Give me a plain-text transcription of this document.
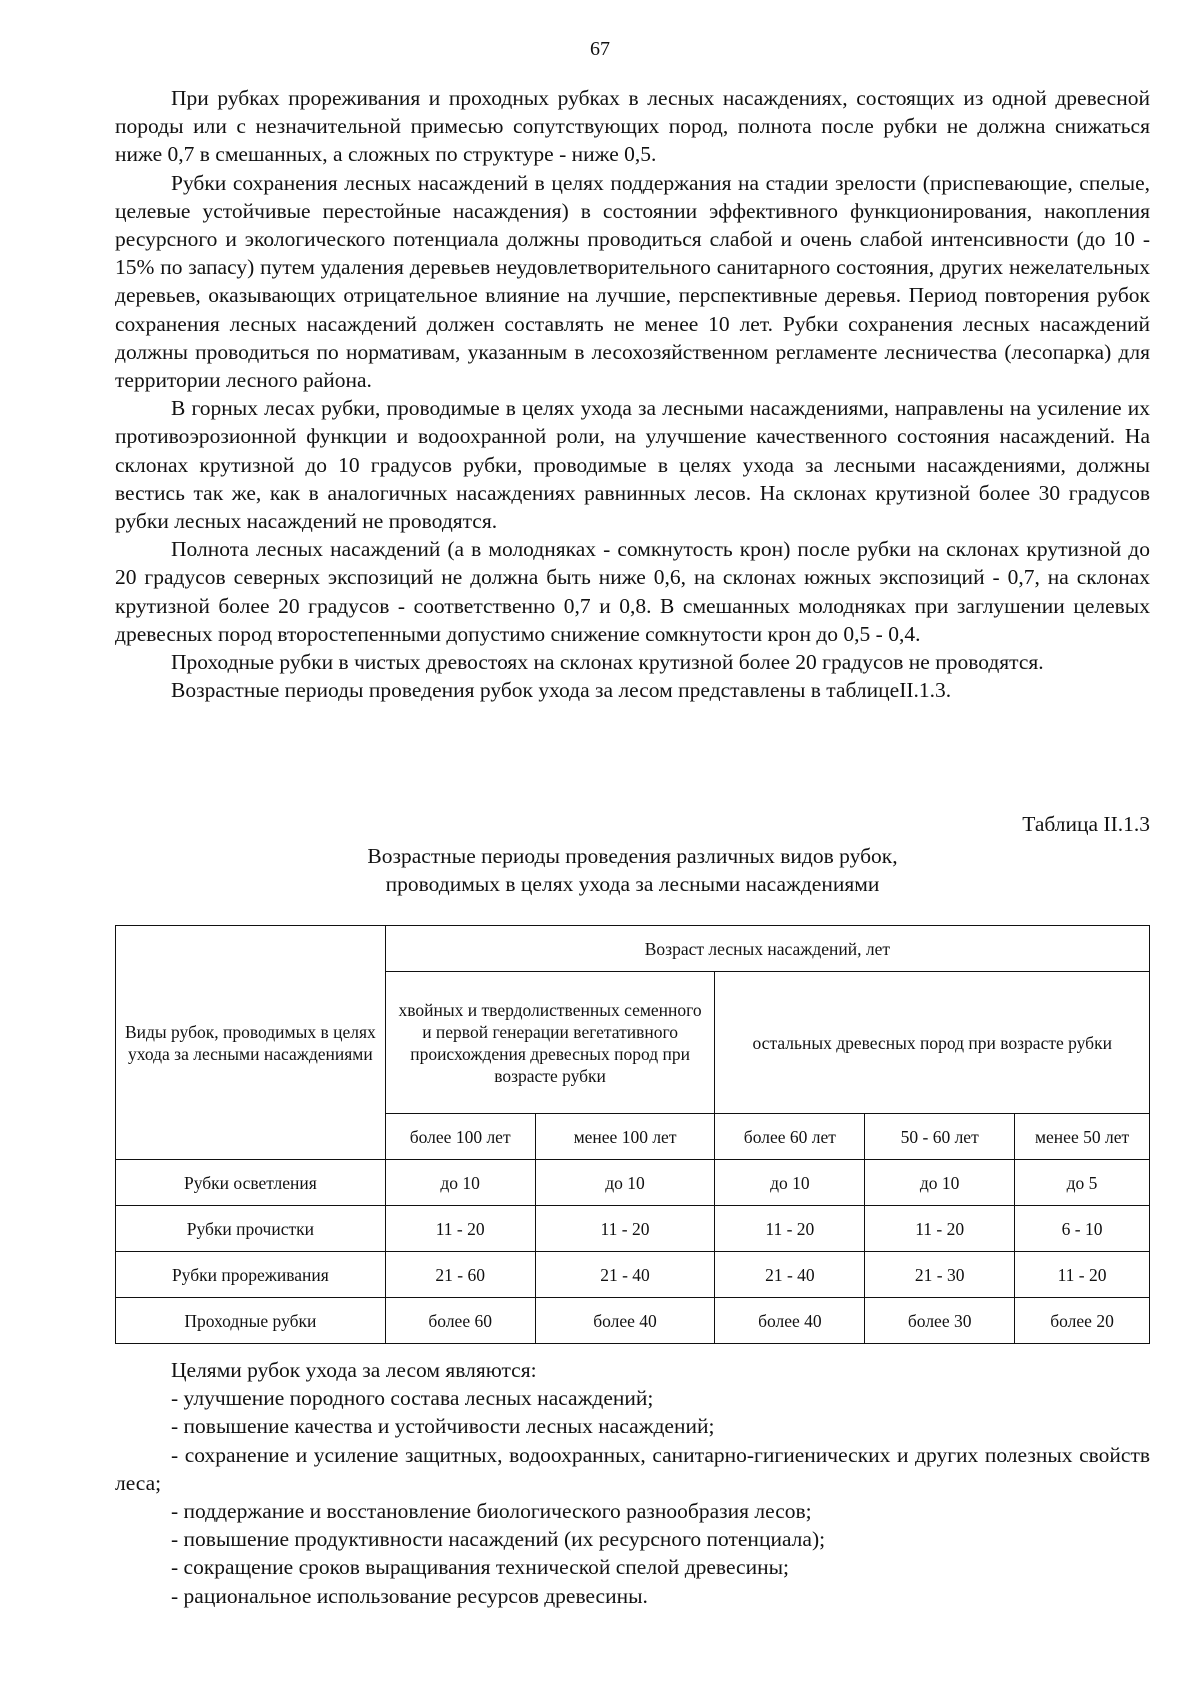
67

При рубках прореживания и проходных рубках в лесных насаждениях, состоящих из одной древесной породы или с незначительной примесью сопутствующих пород, полнота после рубки не должна снижаться ниже 0,7 в смешанных, а сложных по структуре - ниже 0,5.

Рубки сохранения лесных насаждений в целях поддержания на стадии зрелости (приспевающие, спелые, целевые устойчивые перестойные насаждения) в состоянии эффективного функционирования, накопления ресурсного и экологического потенциала должны проводиться слабой и очень слабой интенсивности (до 10 - 15% по запасу) путем удаления деревьев неудовлетворительного санитарного состояния, других нежелательных деревьев, оказывающих отрицательное влияние на лучшие, перспективные деревья. Период повторения рубок сохранения лесных насаждений должен составлять не менее 10 лет. Рубки сохранения лесных насаждений должны проводиться по нормативам, указанным в лесохозяйственном регламенте лесничества (лесопарка) для территории лесного района.

В горных лесах рубки, проводимые в целях ухода за лесными насаждениями, направлены на усиление их противоэрозионной функции и водоохранной роли, на улучшение качественного состояния насаждений. На склонах крутизной до 10 градусов рубки, проводимые в целях ухода за лесными насаждениями, должны вестись так же, как в аналогичных насаждениях равнинных лесов. На склонах крутизной более 30 градусов рубки лесных насаждений не проводятся.

Полнота лесных насаждений (а в молодняках - сомкнутость крон) после рубки на склонах крутизной до 20 градусов северных экспозиций не должна быть ниже 0,6, на склонах южных экспозиций - 0,7, на склонах крутизной более 20 градусов - соответственно 0,7 и 0,8. В смешанных молодняках при заглушении целевых древесных пород второстепенными допустимо снижение сомкнутости крон до 0,5 - 0,4.

Проходные рубки в чистых древостоях на склонах крутизной более 20 градусов не проводятся.

Возрастные периоды проведения рубок ухода за лесом представлены в таблицеII.1.3.

Таблица II.1.3
Возрастные периоды проведения различных видов рубок,
проводимых в целях ухода за лесными насаждениями
Виды рубок, проводимых в целях ухода за лесными насаждениями	Возраст лесных насаждений, лет				
	хвойных и твердолиственных семенного и первой генерации вегетативного происхождения древесных пород при возрасте рубки		остальных древесных пород при возрасте рубки		
	более 100 лет	менее 100 лет	более 60 лет	50 - 60 лет	менее 50 лет
Рубки осветления	до 10	до 10	до 10	до 10	до 5
Рубки прочистки	11 - 20	11 - 20	11 - 20	11 - 20	6 - 10
Рубки прореживания	21 - 60	21 - 40	21 - 40	21 - 30	11 - 20
Проходные рубки	более 60	более 40	более 40	более 30	более 20

Целями рубок ухода за лесом являются:

- улучшение породного состава лесных насаждений;

- повышение качества и устойчивости лесных насаждений;

- сохранение и усиление защитных, водоохранных, санитарно-гигиенических и других полезных свойств леса;

- поддержание и восстановление биологического разнообразия лесов;

- повышение продуктивности насаждений (их ресурсного потенциала);

- сокращение сроков выращивания технической спелой древесины;

- рациональное использование ресурсов древесины.
